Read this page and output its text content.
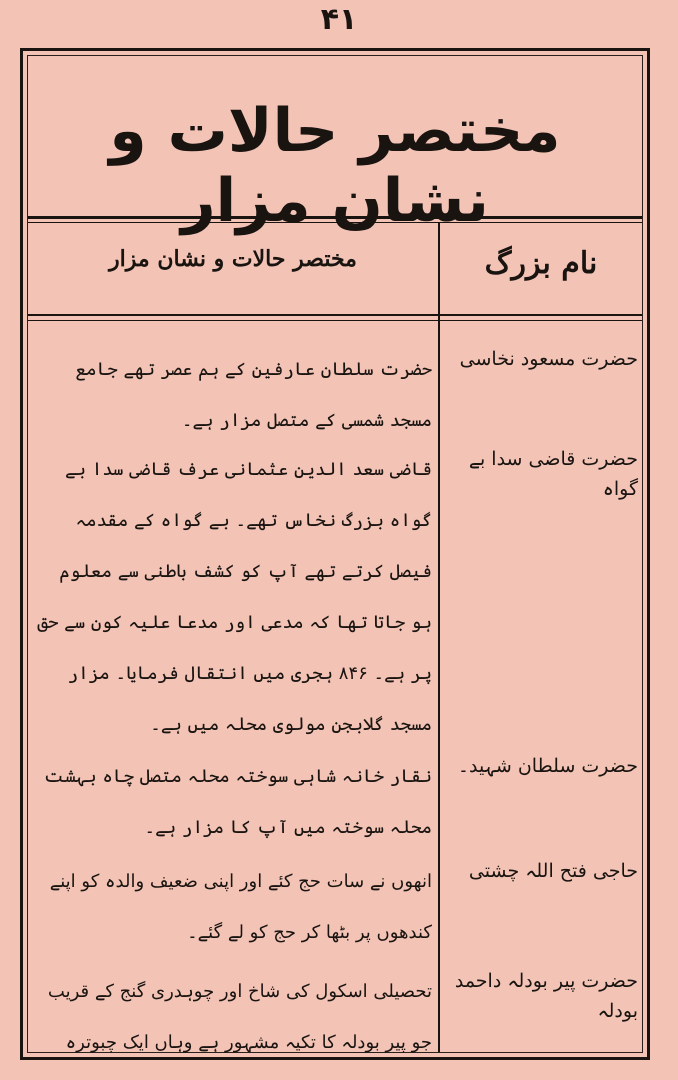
۴۱
مختصر حالات و نشان مزار
نام بزرگ
مختصر حالات و نشان مزار
حضرت مسعود نخاسی
حضرت سلطان عارفین کے ہم عصر تھے جامع مسجد شمسی کے متصل مزار ہے۔
حضرت قاضی سدا بے گواہ
قاضی سعد الدین عثمانی عرف قاضی سدا بے گواہ بزرگ نخاس تھے۔ بے گواہ کے مقدمہ فیصل کرتے تھے آپ کو کشف باطنی سے معلوم ہو جاتا تھا کہ مدعی اور مدعا علیہ کون سے حق پر ہے۔ ۸۴۶ ہجری میں انتقال فرمایا۔ مزار مسجد گلابجن مولوی محلہ میں ہے۔
حضرت سلطان شہید۔
نقار خانہ شاہی سوختہ محلہ متصل چاہ بہشت محلہ سوختہ میں آپ کا مزار ہے۔
حاجی فتح اللہ چشتی
انھوں نے سات حج کئے اور اپنی ضعیف والدہ کو اپنے کندھوں پر بٹھا کر حج کو لے گئے۔
حضرت پیر بودلہ داحمد بودلہ
تحصیلی اسکول کی شاخ اور چوہدری گنج کے قریب جو پیر بودلہ کا تکیہ مشہور ہے وہاں ایک چبوترہ
